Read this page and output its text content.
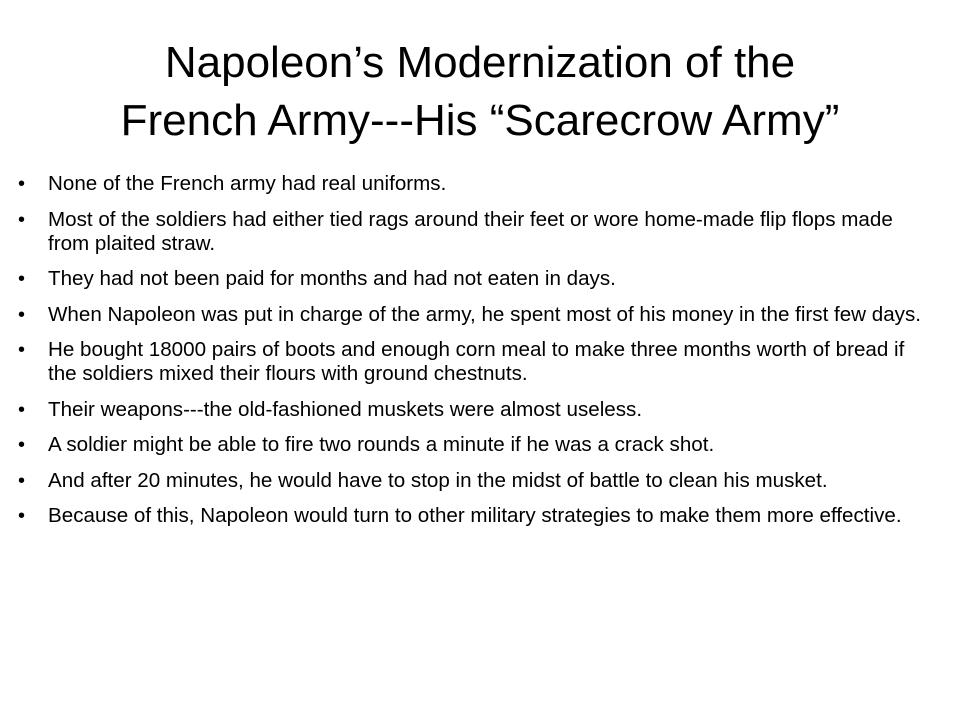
Napoleon’s Modernization of the
French Army---His “Scarecrow Army”
• None of the French army had real uniforms.
• Most of the soldiers had either tied rags around their feet or wore home-made flip flops made from plaited straw.
• They had not been paid for months and had not eaten in days.
• When Napoleon was put in charge of the army, he spent most of his money in the first few days.
• He bought 18000 pairs of boots and enough corn meal to make three months worth of bread if the soldiers mixed their flours with ground chestnuts.
• Their weapons---the old-fashioned muskets were almost useless.
• A soldier might be able to fire two rounds a minute if he was a crack shot.
• And after 20 minutes, he would have to stop in the midst of battle to clean his musket.
• Because of this, Napoleon would turn to other military strategies to make them more effective.
